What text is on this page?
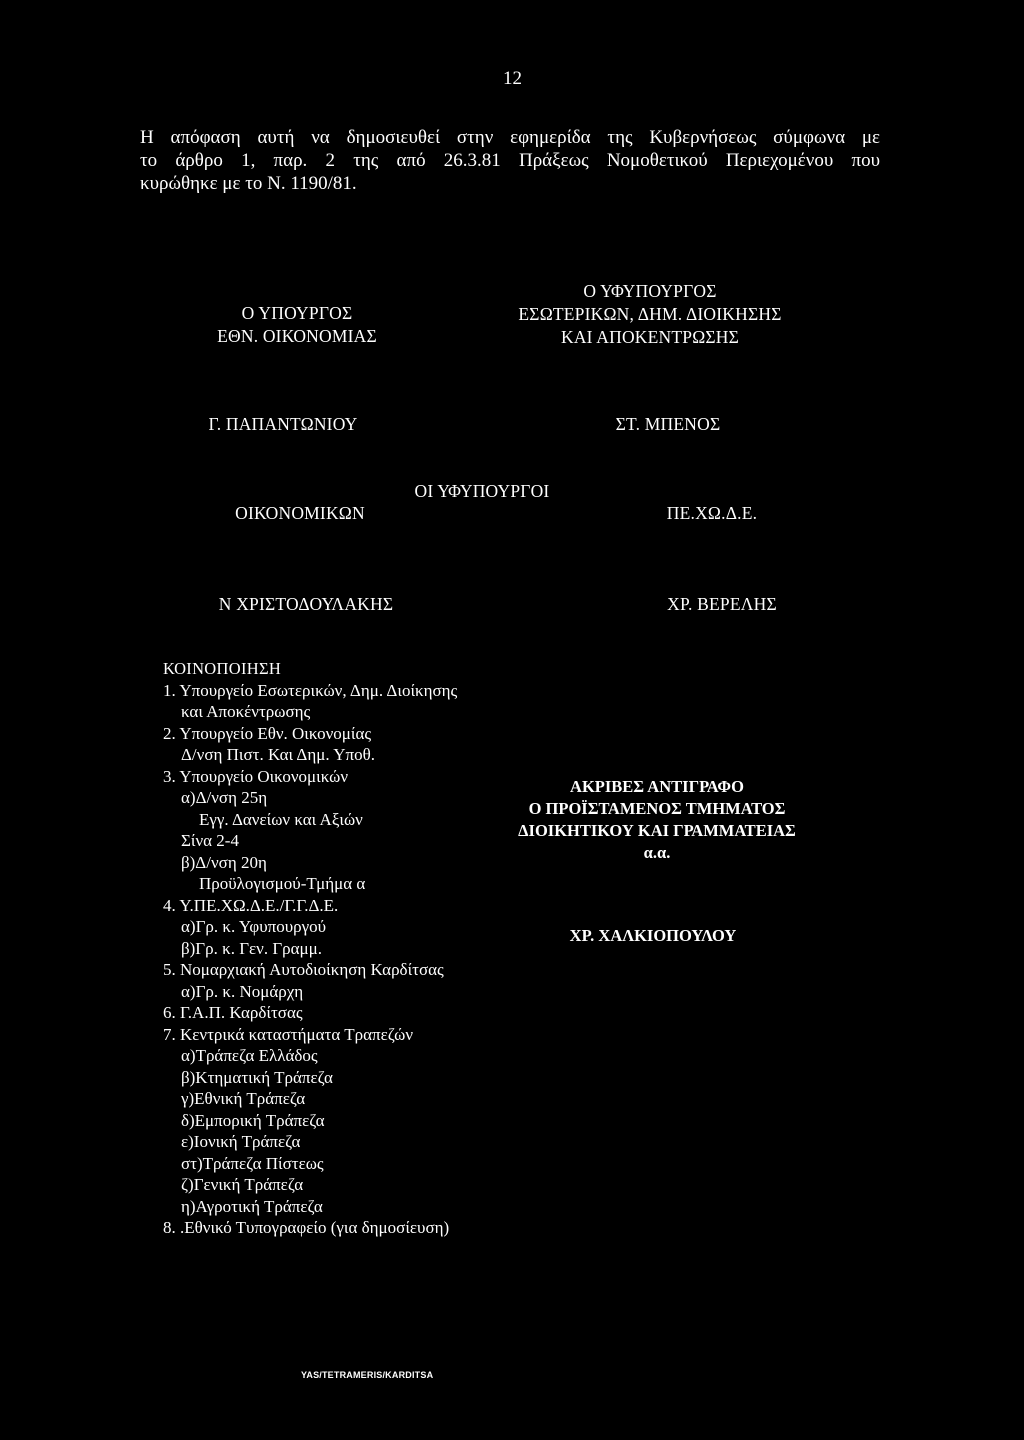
12
Η απόφαση αυτή να δημοσιευθεί στην εφημερίδα της Κυβερνήσεως σύμφωνα με
το άρθρο 1, παρ. 2 της από 26.3.81 Πράξεως Νομοθετικού Περιεχομένου που
κυρώθηκε με το Ν. 1190/81.
Ο ΥΠΟΥΡΓΟΣ
ΕΘΝ. ΟΙΚΟΝΟΜΙΑΣ
Ο ΥΦΥΠΟΥΡΓΟΣ
ΕΣΩΤΕΡΙΚΩΝ, ΔΗΜ. ΔΙΟΙΚΗΣΗΣ
ΚΑΙ ΑΠΟΚΕΝΤΡΩΣΗΣ
Γ. ΠΑΠΑΝΤΩΝΙΟΥ	ΣΤ. ΜΠΕΝΟΣ
ΟΙ ΥΦΥΠΟΥΡΓΟΙ
ΟΙΚΟΝΟΜΙΚΩΝ	ΠΕ.ΧΩ.Δ.Ε.
Ν ΧΡΙΣΤΟΔΟΥΛΑΚΗΣ	ΧΡ. ΒΕΡΕΛΗΣ
ΚΟΙΝΟΠΟΙΗΣΗ
1. Υπουργείο Εσωτερικών, Δημ. Διοίκησης
και Αποκέντρωσης
2. Υπουργείο Εθν. Οικονομίας
Δ/νση Πιστ. Και Δημ. Υποθ.
3. Υπουργείο Οικονομικών
α)Δ/νση 25η
Εγγ. Δανείων και Αξιών
Σίνα 2-4
β)Δ/νση 20η
Προϋλογισμού-Τμήμα α
4. Υ.ΠΕ.ΧΩ.Δ.Ε./Γ.Γ.Δ.Ε.
α)Γρ. κ. Υφυπουργού
β)Γρ. κ. Γεν. Γραμμ.
5. Νομαρχιακή Αυτοδιοίκηση Καρδίτσας
α)Γρ. κ. Νομάρχη
6. Γ.Α.Π. Καρδίτσας
7. Κεντρικά καταστήματα Τραπεζών
α)Τράπεζα Ελλάδος
β)Κτηματική Τράπεζα
γ)Εθνική Τράπεζα
δ)Εμπορική Τράπεζα
ε)Ιονική Τράπεζα
στ)Τράπεζα Πίστεως
ζ)Γενική Τράπεζα
η)Αγροτική Τράπεζα
8. .Εθνικό Τυπογραφείο (για δημοσίευση)
ΑΚΡΙΒΕΣ ΑΝΤΙΓΡΑΦΟ
Ο ΠΡΟΪΣΤΑΜΕΝΟΣ ΤΜΗΜΑΤΟΣ
ΔΙΟΙΚΗΤΙΚΟΥ ΚΑΙ ΓΡΑΜΜΑΤΕΙΑΣ
α.α.
ΧΡ. ΧΑΛΚΙΟΠΟΥΛΟΥ
YAS/TETRAMERIS/KARDITSA
